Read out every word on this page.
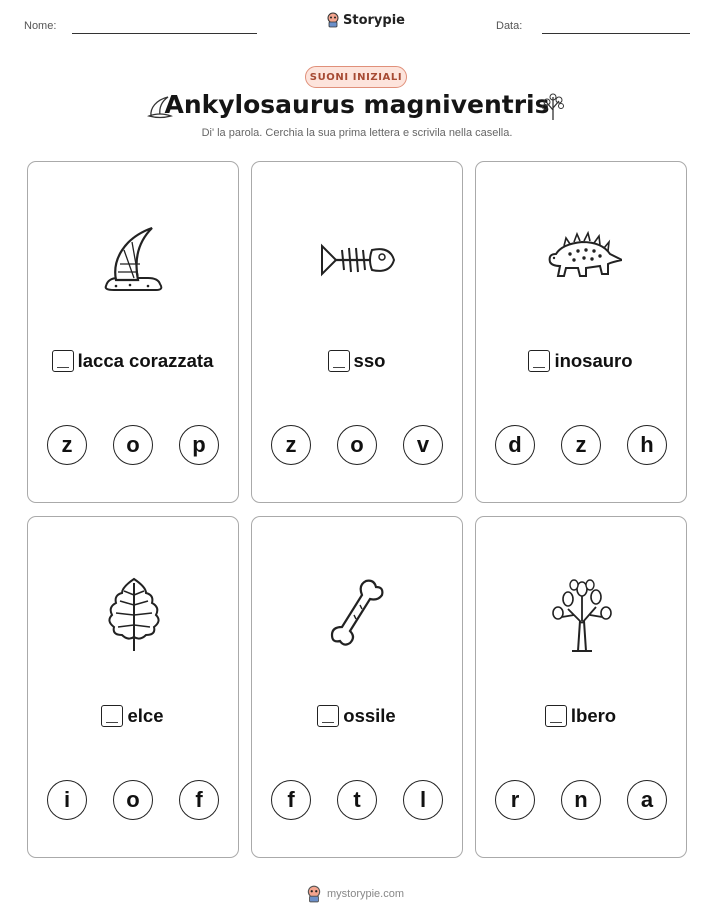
Nome:	Storypie	Data:
SUONI INIZIALI
Ankylosaurus magniventris
Di' la parola. Cerchia la sua prima lettera e scrivila nella casella.
lacca corazzata
z	o	p
sso
z	o	v
inosauro
d	z	h
elce
i	o	f
ossile
f	t	l
lbero
r	n	a
mystorypie.com
